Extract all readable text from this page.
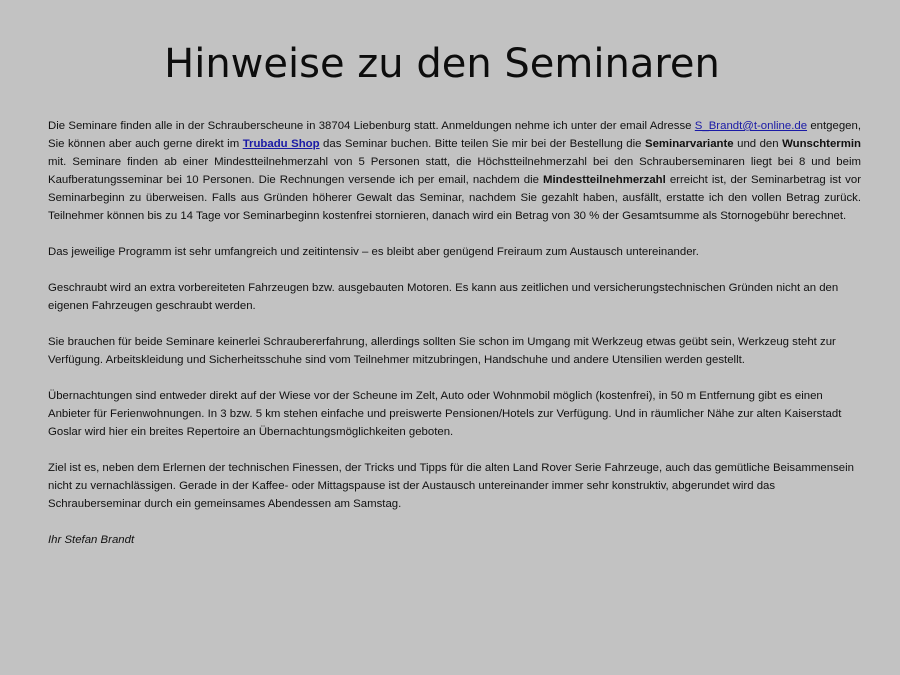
Hinweise zu den Seminaren

Die Seminare finden alle in der Schrauberscheune in 38704 Liebenburg statt. Anmeldungen nehme ich unter der email Adresse S_Brandt@t-online.de entgegen, Sie können aber auch gerne direkt im Trubadu Shop das Seminar buchen. Bitte teilen Sie mir bei der Bestellung die Seminarvariante und den Wunschtermin mit. Seminare finden ab einer Mindestteilnehmerzahl von 5 Personen statt, die Höchstteilnehmerzahl bei den Schrauberseminaren liegt bei 8 und beim Kaufberatungsseminar bei 10 Personen. Die Rechnungen versende ich per email, nachdem die Mindestteilnehmerzahl erreicht ist, der Seminarbetrag ist vor Seminarbeginn zu überweisen. Falls aus Gründen höherer Gewalt das Seminar, nachdem Sie gezahlt haben, ausfällt, erstatte ich den vollen Betrag zurück. Teilnehmer können bis zu 14 Tage vor Seminarbeginn kostenfrei stornieren, danach wird ein Betrag von 30 % der Gesamtsumme als Stornogebühr berechnet.

Das jeweilige Programm ist sehr umfangreich und zeitintensiv – es bleibt aber genügend Freiraum zum Austausch untereinander.

Geschraubt wird an extra vorbereiteten Fahrzeugen bzw. ausgebauten Motoren. Es kann aus zeitlichen und versicherungstechnischen Gründen nicht an den eigenen Fahrzeugen geschraubt werden.

Sie brauchen für beide Seminare keinerlei Schraubererfahrung, allerdings sollten Sie schon im Umgang mit Werkzeug etwas geübt sein, Werkzeug steht zur Verfügung. Arbeitskleidung und Sicherheitsschuhe sind vom Teilnehmer mitzubringen, Handschuhe und andere Utensilien werden gestellt.

Übernachtungen sind entweder direkt auf der Wiese vor der Scheune im Zelt, Auto oder Wohnmobil möglich (kostenfrei), in 50 m Entfernung gibt es einen Anbieter für Ferienwohnungen. In 3 bzw. 5 km stehen einfache und preiswerte Pensionen/Hotels zur Verfügung. Und in räumlicher Nähe zur alten Kaiserstadt Goslar wird hier ein breites Repertoire an Übernachtungsmöglichkeiten geboten.

Ziel ist es, neben dem Erlernen der technischen Finessen, der Tricks und Tipps für die alten Land Rover Serie Fahrzeuge, auch das gemütliche Beisammensein nicht zu vernachlässigen. Gerade in der Kaffee- oder Mittagspause ist der Austausch untereinander immer sehr konstruktiv, abgerundet wird das Schrauberseminar durch ein gemeinsames Abendessen am Samstag.

Ihr Stefan Brandt
